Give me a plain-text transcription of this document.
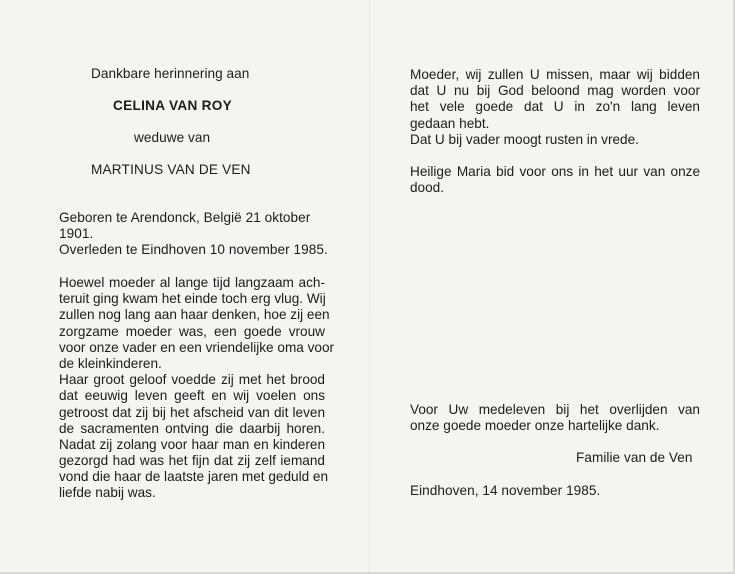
Dankbare herinnering aan
CELINA VAN ROY
weduwe van
MARTINUS VAN DE VEN
Geboren te Arendonck, België 21 oktober
1901.
Overleden te Eindhoven 10 november 1985.
Hoewel moeder al lange tijd langzaam ach-
teruit ging kwam het einde toch erg vlug. Wij
zullen nog lang aan haar denken, hoe zij een
zorgzame moeder was, een goede vrouw
voor onze vader en een vriendelijke oma voor
de kleinkinderen.
Haar groot geloof voedde zij met het brood
dat eeuwig leven geeft en wij voelen ons
getroost dat zij bij het afscheid van dit leven
de sacramenten ontving die daarbij horen.
Nadat zij zolang voor haar man en kinderen
gezorgd had was het fijn dat zij zelf iemand
vond die haar de laatste jaren met geduld en
liefde nabij was.
Moeder, wij zullen U missen, maar wij bidden
dat U nu bij God beloond mag worden voor
het vele goede dat U in zo'n lang leven
gedaan hebt.
Dat U bij vader moogt rusten in vrede.
Heilige Maria bid voor ons in het uur van onze
dood.
Voor Uw medeleven bij het overlijden van
onze goede moeder onze hartelijke dank.
Familie van de Ven
Eindhoven, 14 november 1985.
